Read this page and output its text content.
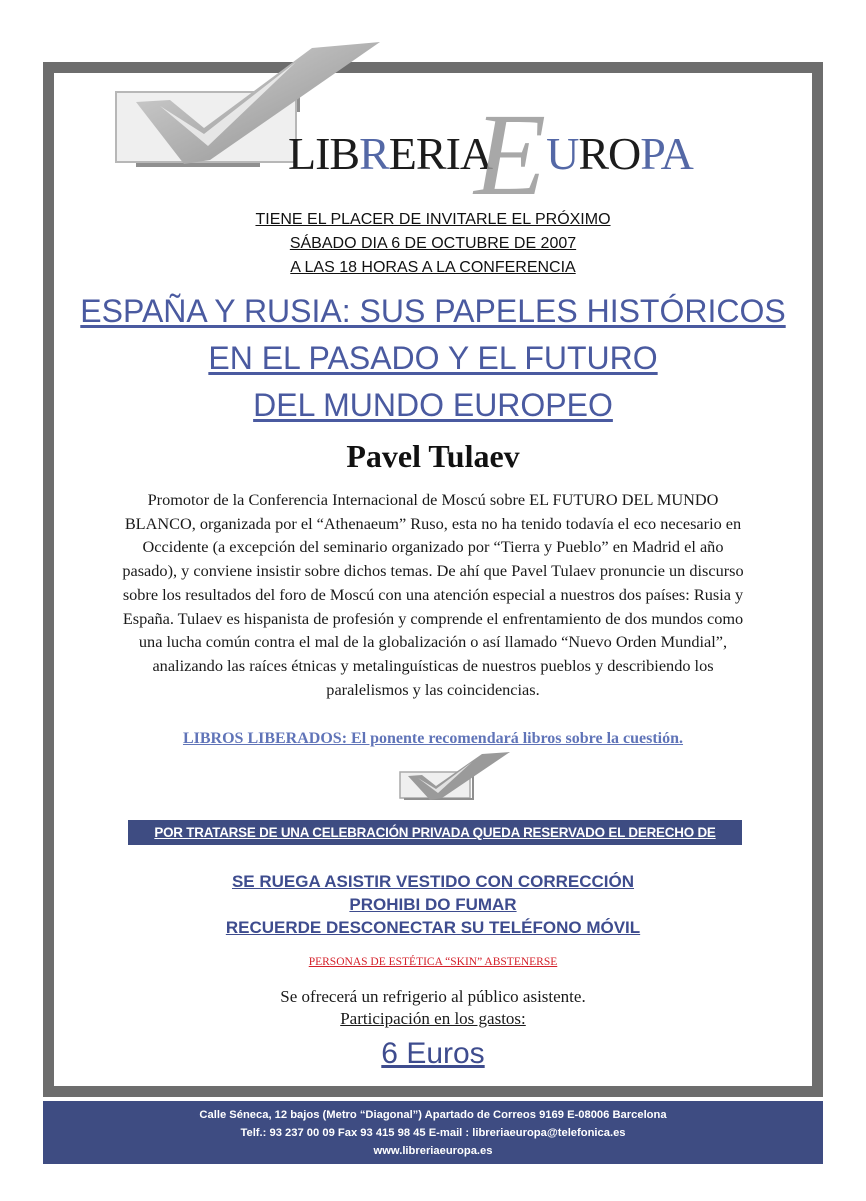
LIBRERIA UROPA
E
TIENE EL PLACER DE INVITARLE EL PRÓXIMO
SÁBADO DIA 6 DE OCTUBRE DE 2007
A LAS 18 HORAS A LA CONFERENCIA
ESPAÑA Y RUSIA: SUS PAPELES HISTÓRICOS
EN EL PASADO Y EL FUTURO
DEL MUNDO EUROPEO
Pavel Tulaev
Promotor de la Conferencia Internacional de Moscú sobre EL FUTURO DEL MUNDO
BLANCO, organizada por el “Athenaeum” Ruso, esta no ha tenido todavía el eco necesario en
Occidente (a excepción del seminario organizado por “Tierra y Pueblo” en Madrid el año
pasado), y conviene insistir sobre dichos temas. De ahí que Pavel Tulaev pronuncie un discurso
sobre los resultados del foro de Moscú con una atención especial a nuestros dos países: Rusia y
España. Tulaev es hispanista de profesión y comprende el enfrentamiento de dos mundos como
una lucha común contra el mal de la globalización o así llamado “Nuevo Orden Mundial”,
analizando las raíces étnicas y metalinguísticas de nuestros pueblos y describiendo los
paralelismos y las coincidencias.
LIBROS LIBERADOS: El ponente recomendará libros sobre la cuestión.
POR TRATARSE DE UNA CELEBRACIÓN PRIVADA QUEDA RESERVADO EL DERECHO DE ADMISIÓN
SE RUEGA ASISTIR VESTIDO CON CORRECCIÓN
PROHIBI DO FUMAR
RECUERDE DESCONECTAR SU TELÉFONO MÓVIL
PERSONAS DE ESTÉTICA “SKIN” ABSTENERSE
Se ofrecerá un refrigerio al público asistente.
Participación en los gastos:
6 Euros
Calle Séneca, 12 bajos (Metro “Diagonal”) Apartado de Correos 9169 E-08006 Barcelona
Telf.: 93 237 00 09 Fax 93 415 98 45 E-mail : libreriaeuropa@telefonica.es
www.libreriaeuropa.es
